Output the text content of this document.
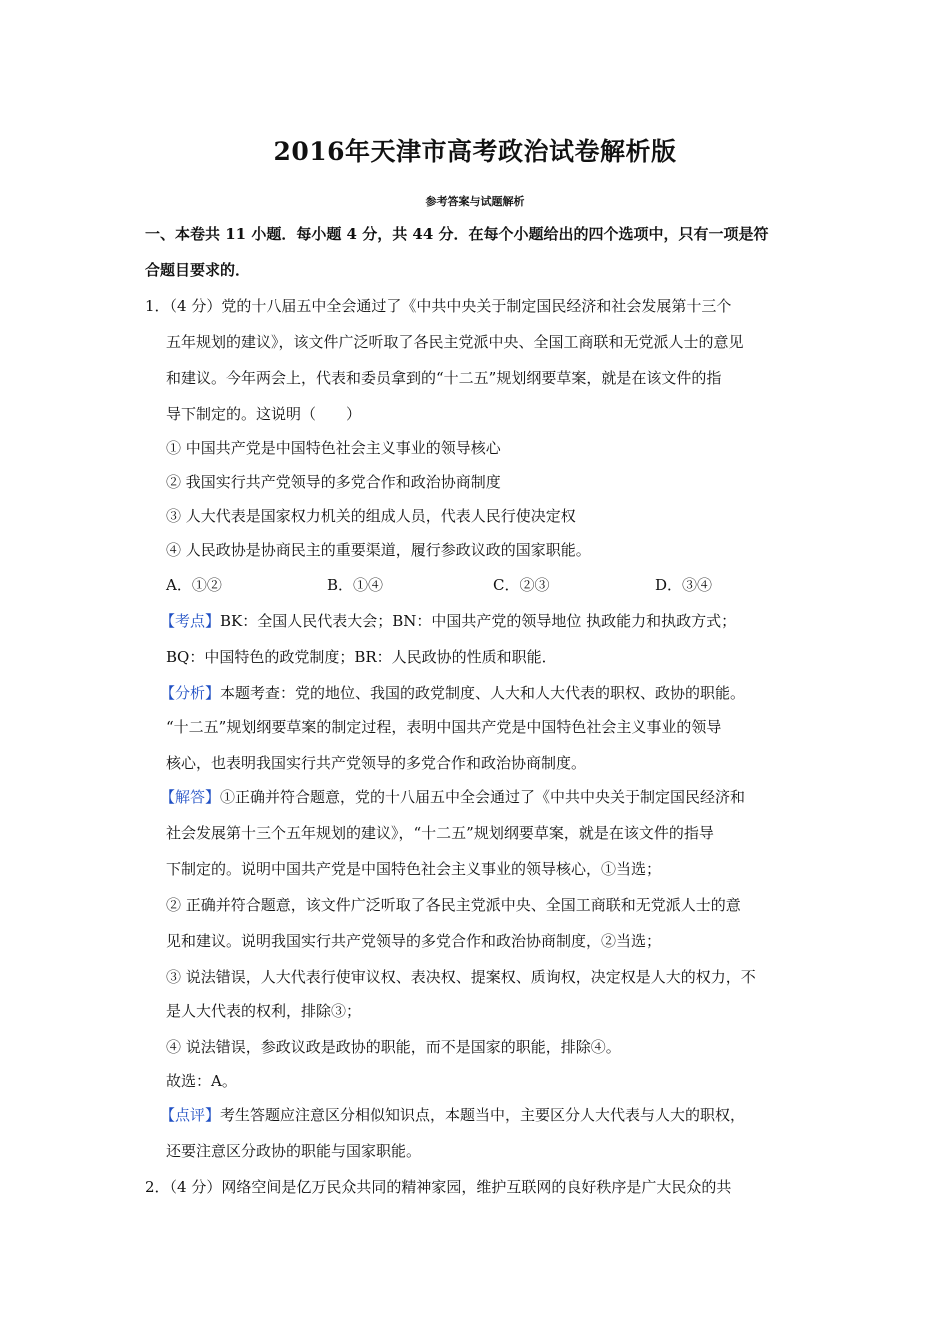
2016年天津市高考政治试卷解析版
参考答案与试题解析
一、本卷共 11 小题．每小题 4 分，共 44 分．在每个小题给出的四个选项中，只有一项是符
合题目要求的．
1．（4 分）党的十八届五中全会通过了《中共中央关于制定国民经济和社会发展第十三个
五年规划的建议》，该文件广泛听取了各民主党派中央、全国工商联和无党派人士的意见
和建议。今年两会上，代表和委员拿到的“十二五”规划纲要草案，就是在该文件的指
导下制定的。这说明（　　）
① 中国共产党是中国特色社会主义事业的领导核心
② 我国实行共产党领导的多党合作和政治协商制度
③ 人大代表是国家权力机关的组成人员，代表人民行使决定权
④ 人民政协是协商民主的重要渠道，履行参政议政的国家职能。
A．①②	B．①④	C．②③	D．③④
【考点】BK：全国人民代表大会；BN：中国共产党的领导地位 执政能力和执政方式；
BQ：中国特色的政党制度；BR：人民政协的性质和职能．
【分析】本题考查：党的地位、我国的政党制度、人大和人大代表的职权、政协的职能。
“十二五”规划纲要草案的制定过程，表明中国共产党是中国特色社会主义事业的领导
核心，也表明我国实行共产党领导的多党合作和政治协商制度。
【解答】①正确并符合题意，党的十八届五中全会通过了《中共中央关于制定国民经济和
社会发展第十三个五年规划的建议》，“十二五”规划纲要草案，就是在该文件的指导
下制定的。说明中国共产党是中国特色社会主义事业的领导核心，①当选；
② 正确并符合题意，该文件广泛听取了各民主党派中央、全国工商联和无党派人士的意
见和建议。说明我国实行共产党领导的多党合作和政治协商制度，②当选；
③ 说法错误，人大代表行使审议权、表决权、提案权、质询权，决定权是人大的权力，不
是人大代表的权利，排除③；
④ 说法错误，参政议政是政协的职能，而不是国家的职能，排除④。
故选：A。
【点评】考生答题应注意区分相似知识点，本题当中，主要区分人大代表与人大的职权，
还要注意区分政协的职能与国家职能。
2．（4 分）网络空间是亿万民众共同的精神家园，维护互联网的良好秩序是广大民众的共
